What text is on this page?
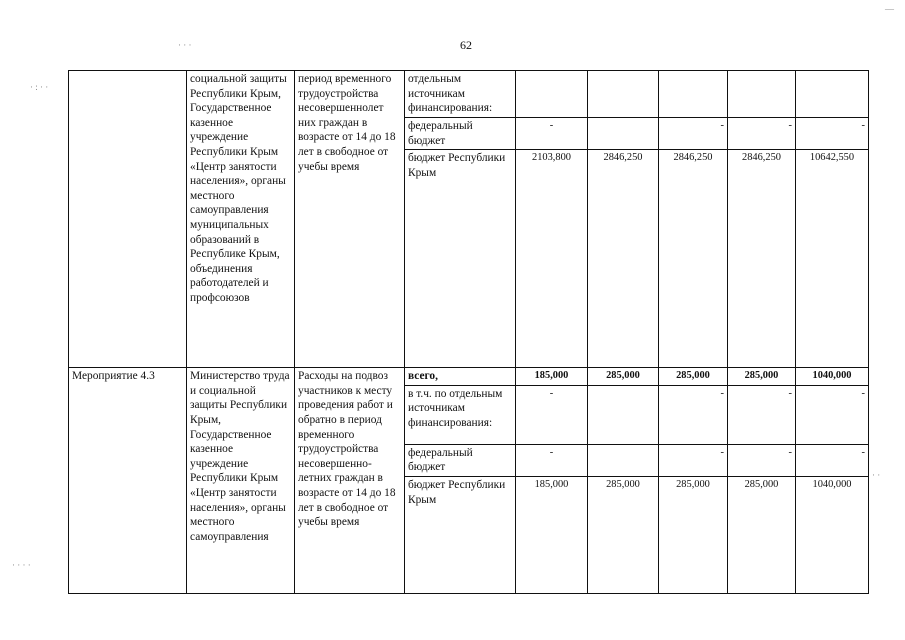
62
	социальной защиты Республики Крым, Государственное казенное учреждение Республики Крым «Центр занятости населения», органы местного самоуправления муниципальных образований в Республике Крым, объединения работодателей и профсоюзов	период временного трудоустройства несовершеннолет них граждан в возрасте от 14 до 18 лет в свободное от учебы время	отдельным источникам финансирования:					
			федеральный бюджет	-		-	-	-
			бюджет Республики Крым	2103,800	2846,250	2846,250	2846,250	10642,550
Мероприятие 4.3	Министерство труда и социальной защиты Республики Крым, Государственное казенное учреждение Республики Крым «Центр занятости населения», органы местного самоуправления	Расходы на подвоз участников к месту проведения работ и обратно в период временного трудоустройства несовершенно-летних граждан в возрасте от 14 до 18 лет в свободное от учебы время	всего,	185,000	285,000	285,000	285,000	1040,000
			в т.ч. по отдельным источникам финансирования:	-		-	-	-
			федеральный бюджет	-		-	-	-
			бюджет Республики Крым	185,000	285,000	285,000	285,000	1040,000
· · ·
· : · ·
· · · ·
· ·
—
